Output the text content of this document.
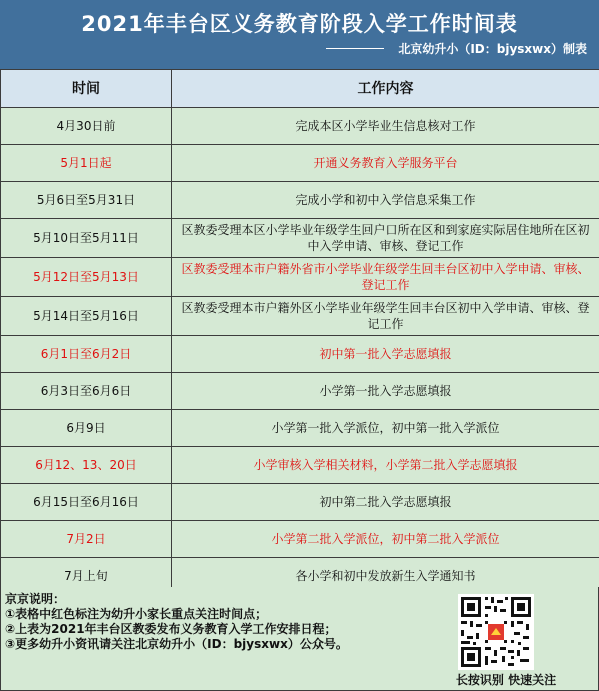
2021年丰台区义务教育阶段入学工作时间表
北京幼升小（ID：bjysxwx）制表
时间	工作内容
4月30日前	完成本区小学毕业生信息核对工作
5月1日起	开通义务教育入学服务平台
5月6日至5月31日	完成小学和初中入学信息采集工作
5月10日至5月11日	区教委受理本区小学毕业年级学生回户口所在区和到家庭实际居住地所在区初中入学申请、审核、登记工作
5月12日至5月13日	区教委受理本市户籍外省市小学毕业年级学生回丰台区初中入学申请、审核、登记工作
5月14日至5月16日	区教委受理本市户籍外区小学毕业年级学生回丰台区初中入学申请、审核、登记工作
6月1日至6月2日	初中第一批入学志愿填报
6月3日至6月6日	小学第一批入学志愿填报
6月9日	小学第一批入学派位，初中第一批入学派位
6月12、13、20日	小学审核入学相关材料，小学第二批入学志愿填报
6月15日至6月16日	初中第二批入学志愿填报
7月2日	小学第二批入学派位，初中第二批入学派位
7月上旬	各小学和初中发放新生入学通知书
京京说明：
①表格中红色标注为幼升小家长重点关注时间点；
②上表为2021年丰台区教委发布义务教育入学工作安排日程；
③更多幼升小资讯请关注北京幼升小（ID：bjysxwx）公众号。
长按识别 快速关注
